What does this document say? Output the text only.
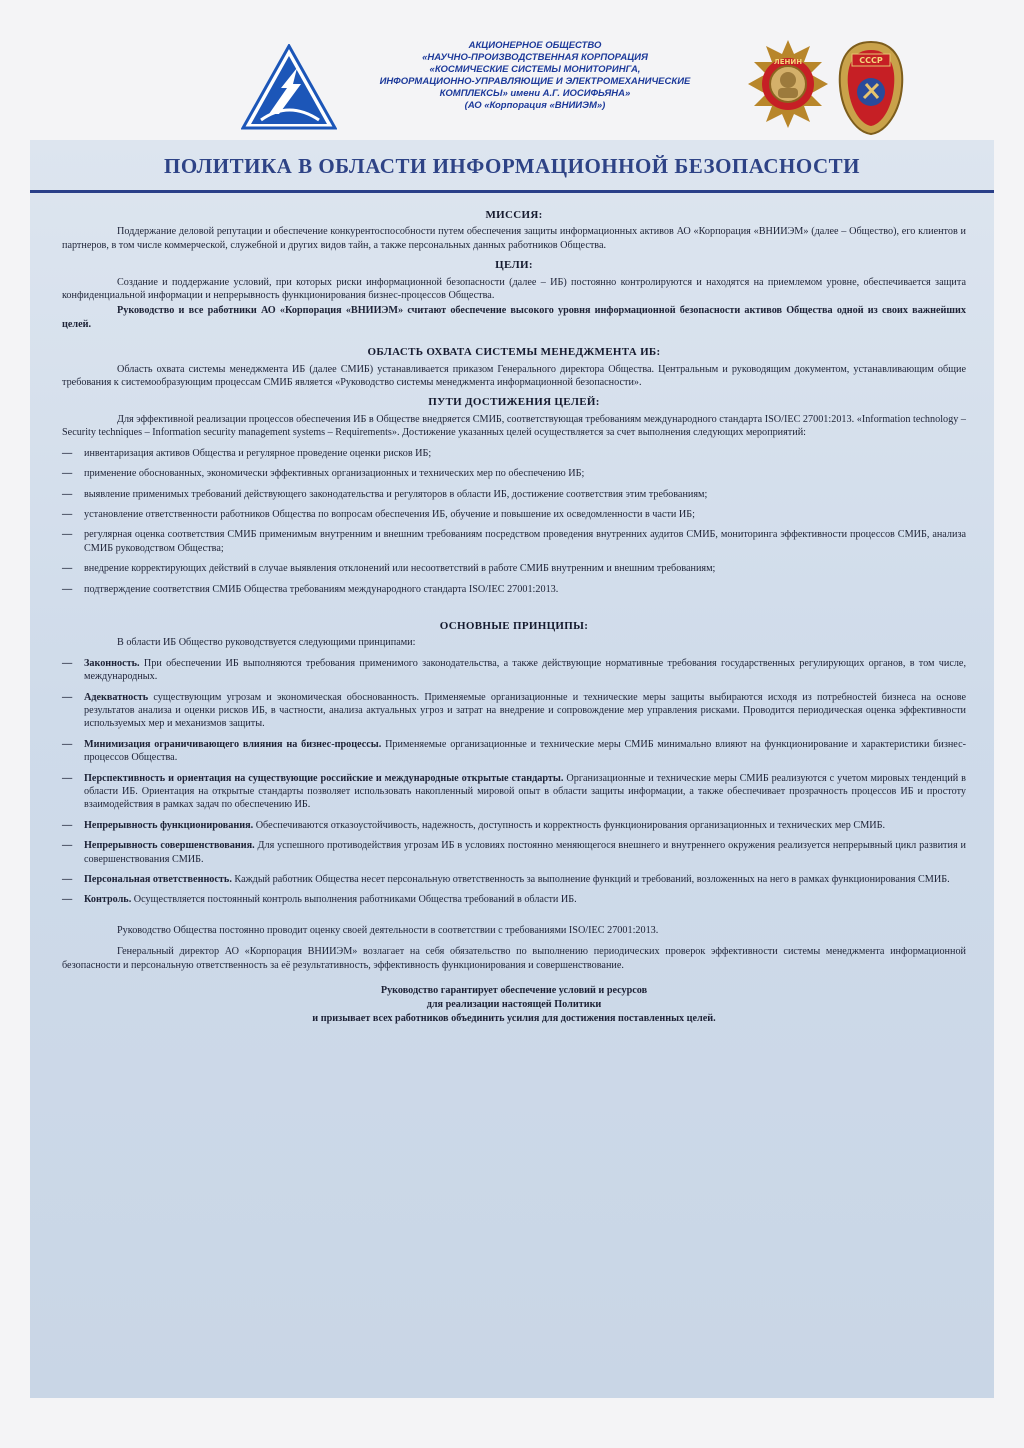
АКЦИОНЕРНОЕ ОБЩЕСТВО
«НАУЧНО-ПРОИЗВОДСТВЕННАЯ КОРПОРАЦИЯ
«КОСМИЧЕСКИЕ СИСТЕМЫ МОНИТОРИНГА,
ИНФОРМАЦИОННО-УПРАВЛЯЮЩИЕ И ЭЛЕКТРОМЕХАНИЧЕСКИЕ
КОМПЛЕКСЫ» имени А.Г. ИОСИФЬЯНА»
(АО «Корпорация «ВНИИЭМ»)
ЛЕНИН	СССР
ПОЛИТИКА В ОБЛАСТИ ИНФОРМАЦИОННОЙ БЕЗОПАСНОСТИ
МИССИЯ:

Поддержание деловой репутации и обеспечение конкурентоспособности путем обеспечения защиты информационных активов АО «Корпорация «ВНИИЭМ» (далее – Общество), его клиентов и партнеров, в том числе коммерческой, служебной и других видов тайн, а также персональных данных работников Общества.

ЦЕЛИ:

Создание и поддержание условий, при которых риски информационной безопасности (далее – ИБ) постоянно контролируются и находятся на приемлемом уровне, обеспечивается защита конфиденциальной информации и непрерывность функционирования бизнес-процессов Общества.

Руководство и все работники АО «Корпорация «ВНИИЭМ» считают обеспечение высокого уровня информационной безопасности активов Общества одной из своих важнейших целей.

ОБЛАСТЬ ОХВАТА СИСТЕМЫ МЕНЕДЖМЕНТА ИБ:

Область охвата системы менеджмента ИБ (далее СМИБ) устанавливается приказом Генерального директора Общества. Центральным и руководящим документом, устанавливающим общие требования к системообразующим процессам СМИБ является «Руководство системы менеджмента информационной безопасности».

ПУТИ ДОСТИЖЕНИЯ ЦЕЛЕЙ:

Для эффективной реализации процессов обеспечения ИБ в Обществе внедряется СМИБ, соответствующая требованиям международного стандарта ISO/IEC 27001:2013. «Information technology – Security techniques – Information security management systems – Requirements». Достижение указанных целей осуществляется за счет выполнения следующих мероприятий:

— инвентаризация активов Общества и регулярное проведение оценки рисков ИБ;
— применение обоснованных, экономически эффективных организационных и технических мер по обеспечению ИБ;
— выявление применимых требований действующего законодательства и регуляторов в области ИБ, достижение соответствия этим требованиям;
— установление ответственности работников Общества по вопросам обеспечения ИБ, обучение и повышение их осведомленности в части ИБ;
— регулярная оценка соответствия СМИБ применимым внутренним и внешним требованиям посредством проведения внутренних аудитов СМИБ, мониторинга эффективности процессов СМИБ, анализа СМИБ руководством Общества;
— внедрение корректирующих действий в случае выявления отклонений или несоответствий в работе СМИБ внутренним и внешним требованиям;
— подтверждение соответствия СМИБ Общества требованиям международного стандарта ISO/IEC 27001:2013.
ОСНОВНЫЕ ПРИНЦИПЫ:

В области ИБ Общество руководствуется следующими принципами:

— Законность. При обеспечении ИБ выполняются требования применимого законодательства, а также действующие нормативные требования государственных регулирующих органов, в том числе, международных.
— Адекватность существующим угрозам и экономическая обоснованность. Применяемые организационные и технические меры защиты выбираются исходя из потребностей бизнеса на основе результатов анализа и оценки рисков ИБ, в частности, анализа актуальных угроз и затрат на внедрение и сопровождение мер управления рисками. Проводится периодическая оценка эффективности используемых мер и механизмов защиты.
— Минимизация ограничивающего влияния на бизнес-процессы. Применяемые организационные и технические меры СМИБ минимально влияют на функционирование и характеристики бизнес-процессов Общества.
— Перспективность и ориентация на существующие российские и международные открытые стандарты. Организационные и технические меры СМИБ реализуются с учетом мировых тенденций в области ИБ. Ориентация на открытые стандарты позволяет использовать накопленный мировой опыт в области защиты информации, а также обеспечивает прозрачность процессов ИБ и простоту взаимодействия в рамках задач по обеспечению ИБ.
— Непрерывность функционирования. Обеспечиваются отказоустойчивость, надежность, доступность и корректность функционирования организационных и технических мер СМИБ.
— Непрерывность совершенствования. Для успешного противодействия угрозам ИБ в условиях постоянно меняющегося внешнего и внутреннего окружения реализуется непрерывный цикл развития и совершенствования СМИБ.
— Персональная ответственность. Каждый работник Общества несет персональную ответственность за выполнение функций и требований, возложенных на него в рамках функционирования СМИБ.
— Контроль. Осуществляется постоянный контроль выполнения работниками Общества требований в области ИБ.

Руководство Общества постоянно проводит оценку своей деятельности в соответствии с требованиями ISO/IEC 27001:2013.

Генеральный директор АО «Корпорация ВНИИЭМ» возлагает на себя обязательство по выполнению периодических проверок эффективности системы менеджмента информационной безопасности и персональную ответственность за её результативность, эффективность функционирования и совершенствование.

Руководство гарантирует обеспечение условий и ресурсов
для реализации настоящей Политики
и призывает всех работников объединить усилия для достижения поставленных целей.
